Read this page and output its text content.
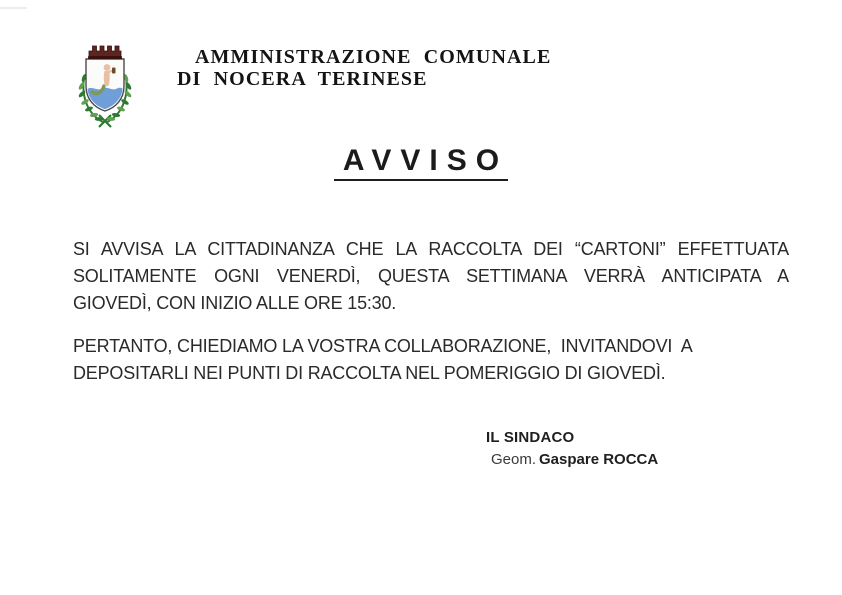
AMMINISTRAZIONE  COMUNALE
DI  NOCERA  TERINESE
AVVISO
SI AVVISA LA CITTADINANZA CHE LA RACCOLTA DEI “CARTONI” EFFETTUATA
SOLITAMENTE OGNI VENERDÌ, QUESTA SETTIMANA VERRÀ ANTICIPATA A
GIOVEDÌ, CON INIZIO ALLE ORE 15:30.
PERTANTO, CHIEDIAMO LA VOSTRA COLLABORAZIONE,  INVITANDOVI  A
DEPOSITARLI NEI PUNTI DI RACCOLTA NEL POMERIGGIO DI GIOVEDÌ.
IL SINDACO
Geom. Gaspare ROCCA
